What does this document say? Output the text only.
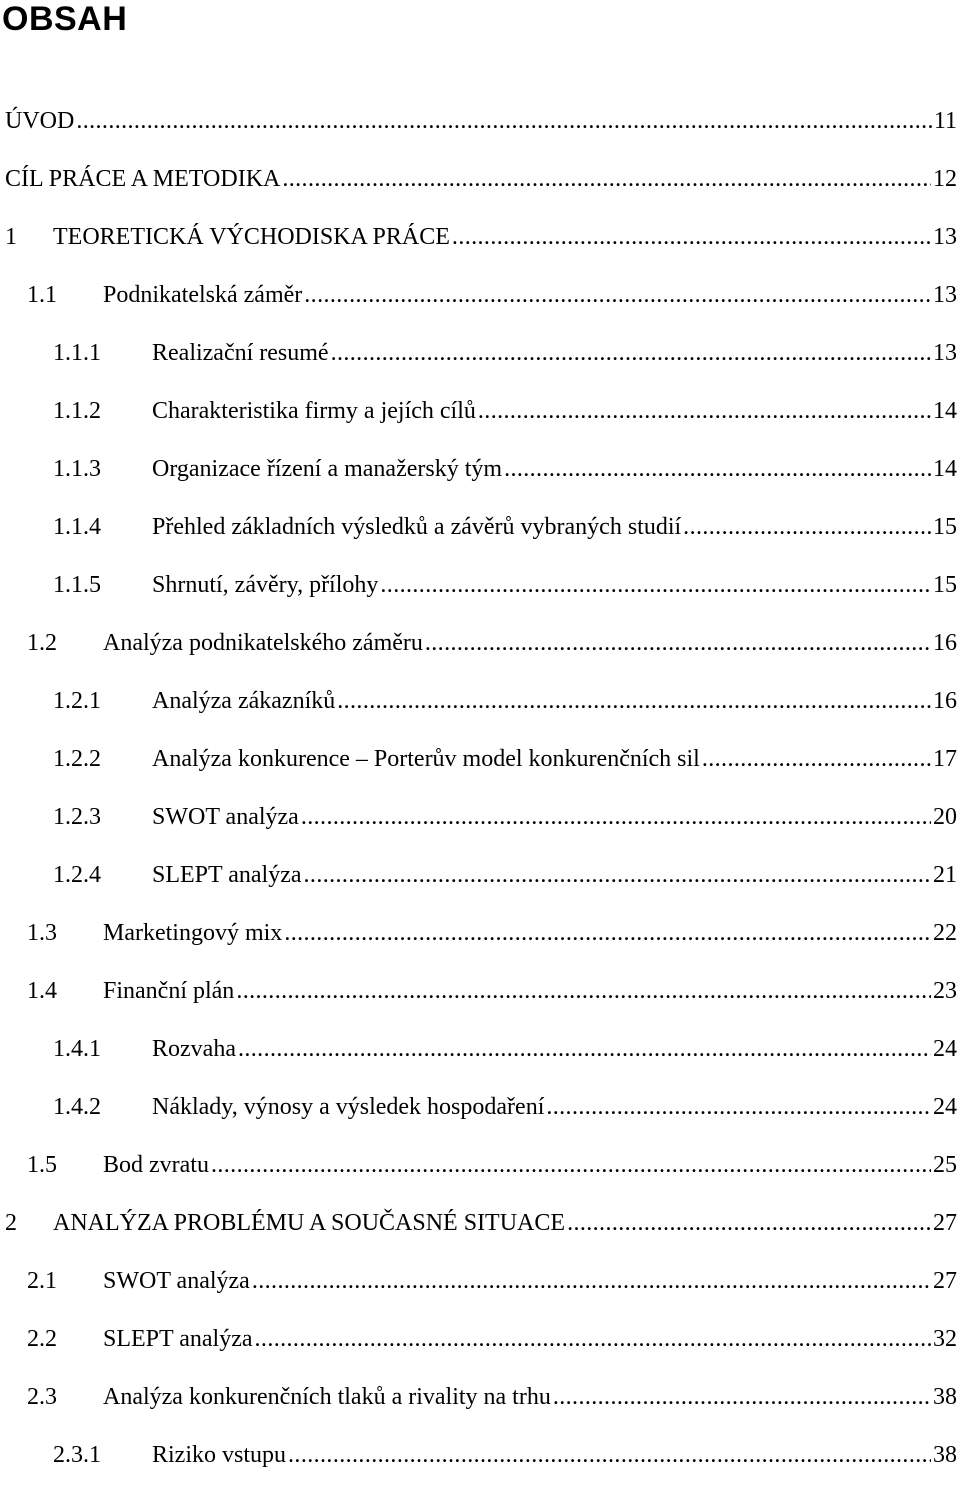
OBSAH
ÚVOD .....	11
CÍL PRÁCE A METODIKA .....	12
1	TEORETICKÁ VÝCHODISKA PRÁCE .....	13
1.1	Podnikatelská záměr .....	13
1.1.1	Realizační resumé .....	13
1.1.2	Charakteristika firmy a jejích cílů .....	14
1.1.3	Organizace řízení a manažerský tým .....	14
1.1.4	Přehled základních výsledků a závěrů vybraných studií .....	15
1.1.5	Shrnutí, závěry, přílohy .....	15
1.2	Analýza podnikatelského záměru .....	16
1.2.1	Analýza zákazníků .....	16
1.2.2	Analýza konkurence – Porterův model konkurenčních sil .....	17
1.2.3	SWOT analýza .....	20
1.2.4	SLEPT analýza .....	21
1.3	Marketingový mix .....	22
1.4	Finanční plán .....	23
1.4.1	Rozvaha .....	24
1.4.2	Náklady, výnosy a výsledek hospodaření .....	24
1.5	Bod zvratu .....	25
2	ANALÝZA PROBLÉMU A SOUČASNÉ SITUACE .....	27
2.1	SWOT analýza .....	27
2.2	SLEPT analýza .....	32
2.3	Analýza konkurenčních tlaků a rivality na trhu .....	38
2.3.1	Riziko vstupu .....	38
